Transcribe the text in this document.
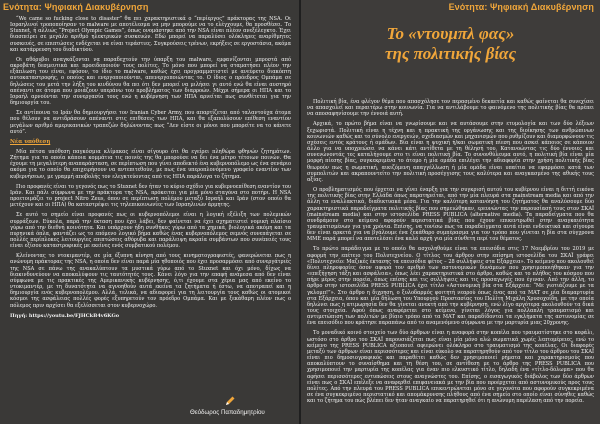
Ενότητα: Ψηφιακή Διακυβέρνηση

“We came so fucking close to disaster” θα πει χαρακτηριστικά ο “περίεργος” πράκτορας της NSA. Οι Ισραηλινοί τροποποίησαν το malware με αποτέλεσμα να μην μπορούμε να το ελέγχουμε, θα προσθέσει. Το Stuxnet, ή αλλιώς “Project Olympic Games”, όπως ονομάστηκε από την NSA είναι πλέον ανεξέλεγκτο. Έχει διασπείρει σε μεγάλο αριθμό ηλεκτρικών συσκευών. Εδώ μπορεί να παραλύσει ολόκληρες αναρίθμητες συσκευές, σε επιπτώσεις ενδέχεται να είναι τεράστιες. Συγκρούσεις τρένων, εκρήξεις σε εργοστάσια, ακόμα και κατάρρευση του διαδικτύου.

Οι αθόρυβοι αναγκάζονται να παραδεχτούν την ύπαρξη του malware, εμφανίζονται μπροστά από ακροβάτη δεσμευτικά και προειδοποιούν τους πολίτες. Το μόνο που μπορεί να σταματήσει πλέον την εξάπλωση του είναι, εφόσον, το ίδιο το malware, καθώς έχει προγραμματιστεί με ανεύρετο διακόπτη αυτοκαταστροφής, ο οποίος και ενεργοποιούνται, απενεργοποιώντας το. Ο ίδιος ο πρόεδρος Ομπάμα σε δηλώσεις του μετά την λήξη του κινδύνου θα πει ότι δεν μπορεί να μιλήσει γι αυτό ενώ θα είναι αυστηρό απέναντι σε άτομα που μοιάζουν υπεράνω του προβλήματος των διαρροών. Μέχρι σήμερα οι ΗΠΑ και το Ισραήλ αρνούνται την συνεργασία τους ενώ η κυβέρνηση των ΗΠΑ αρνείται πως συνθέτεται για την δημιουργία του.

Σε αντίποινα το Ιράν θα δημιουργήσει τον Iranian Cyber Army, που απαρτίζεται από ταλαντούχα άτομα που θέλουν να αντιδράσουν απέναντι στις επιθέσεις των ΗΠΑ, και θα εξαπολύσουν επίθεση εναντίον μεγάλων αριθμό αμερικανικών τραπεζών δηλώνοντας πως “Δεν είστε οι μόνοι που μπορείτε να το κάνετε αυτό”.

Νέα υπόθεση

Μία πέτσα υπόθεση παγκόσμια κλίμακας είναι σίγουρο ότι θα εγείρει πληθώρα φθηνών ζητημάτων. Ζήτημα για τα οποία κάποια κομμάτια τις ποινές της θα μπορούσε να δει ένα μέτρο τέτοιων ποινών. Θα έχουμε τη μεγαλύτερη αναπαράσταση, σε περίπτωση που γίνει αποδεκτό ένα κυβερνοπόλεμο ως ένα σενάριο ακόμα για το οποίο θα επιχειρήσουν να αντεπιτεθούν, με πως ένα υπεροπλονόμενο γραφείο εναντίον των κυβερνήσεων, με γραμμή αποβολής τον ελεγκτεύοντας από τις ΗΠΑ παράλογα το ζήτημα.

Πιο προφανές είναι το γεγονός πως το Stuxnet δεν ήταν το κύριο σχέδιο για κυβερνοεπίθεση εναντίον του Ιράν. Και πάλι σύμφωνα με την πράκτορα της NSA, πρόκειται για μία μόνο σταγόνα στο ποτήρι. Η NSA προετοιμάζει το project Nitro Zeus, όπου σε περίπτωση πολέμου μεταξύ Ισραήλ και Ιράν (στον οποίο θα μετέχουν και οι ΗΠΑ) θα καταστρέψει τις τηλεπικοινωνίες των Ισραηλινών άρμητης.

Σε αυτό το σημείο είναι προφανές πως οι κυβερνοπόλεμοι είναι η λογική εξέλιξη των πολεμικών συρράξεων. Εύκολα, παρά την έκταση που έχει λάβει, δεν φαίνεται να έχει σχηματιστεί νομική πλαίσιο γύρω από την διεθνή κοινότητα. Και υπάρχουν ήδη συνθήκες γύρω από τα χημικά, βιολογικά ακόμη και τα πυρηνικά όπλα, φαντάζει ως το επόμενο λογικό βήμα καθώς ένας κυβερνοπόλεμος σεμνός συνεπάγεται σε πολλές περίπλοκες λειτουργίες επιπτώσεις αθόρυβα και παράλειψη ακραία συμβάντων που συνέπειές τους είναι εξίσου καταστροφικές με εκείνες ενός συμβατικού πολέμου.

Κλείνοντας το ντοκιμαντέρ, σε μία έξυπνη κίνηση από τους κινηματογραφιστές, φανερώνεται πως η ανώνυμη πράκτορας της NSA, η οποία δεν είναι παρά μία ηθοποιός που έχει προσαρμόσει από συνεργάτριές της NSA σε πάνω της ανακαλύπτουν τα μυστικά γύρω από το Stuxnet και όχι μόνο, δίχως να διακινδυνεύουν να αποκαλύψουν τις ταυτότητές τους. Κάνει λόγο για την επαφή ανάμεσα από δεν είναι σύμφωνα με τις πρακτικές της Αμερικανικής κυβέρνησης, ό,τι έχουμε στα χέρια μας από εκείνο το ντοκιμαντέρ, με τη δυνατότητα να αγνοηθούν αυτά εκείνα τα ζητήματα ή έστω, να αποτραπεί και η δημιουργία ενός κυβερνοπολέμου. Αλλά, τελικά, να αδιαφορεί για τη λειτουργία τους καθώς οι ατομικοί κόσμοι της ασφάλειας πολλές φορές εξυπηρετούν τον πρόεδρο Ομπάμα. Και με ξεκάθαρη πλέον πως ο πόλεμος πριν αρχίσει θα εξελίσσεται στον κυβερνοχώρο.

Πηγή: https://youtu.be/FJHCkB4v6KGo
Ενότητα: Ψηφιακή Διακυβέρνηση
Το «ντουμπλ φας»
της πολιτικής βίας

Πολιτική βία, ένα φλέγον θέμα που απασχόλησε τον περασμένο δεκαετία και καθώς φαίνεται θα συνεχίσει να απασχολεί και περαιτέρω στην κοινωνία. Για να αντιλάβουμε το φαινόμενο της πολιτικής βίας θα πρέπει να αποσαφηνίσουμε την έννοιά αυτή.

Αρχικά, το πρώτο βήμα είναι να γνωρίσουμε και να αυτάσουμε στην ετυμολογία και των δύο λέξεων ξεχωριστά. Πολιτική είναι η τέχνη και η πρακτική της οργάνωσης και της διοίκησης των ανθρώπινων κοινωνιών καθώς και το σύνολο ενεργειών, σχεδιασμών και μηχανισμών που ρυθμίζουν και διαμορφώνουν τις σχέσεις εντός κράτους ή ομάδων. Βία είναι η ψυχική ή/και σωματική πίεση που ασκεί κάποιος σε κάποιον άλλο για να υποχρεώσει να κάνει κάτι αντίθετα με τη θέλησή του, Κατανοώντας τις δύο έννοιες και συνενώνοντάς τες καταλήγουμε στο τι είναι πολιτική βία. Το συνονθύλευμα αυτό, η πολιτική βία είναι μία μορφή πίεσης βίας, συγκεκριμένα το άτομο ή μία ομάδα επιλέγει την αδιαφορία στην χρήση πολιτικής βίας θεωρούν πως η σωματική, αικιζόμενη απαγγέλλωση ή μία ομάδα είναι υπαίτια να εφαρμόσει κατά των συμπολιτών και ακραπουντείτο την πολιτική προσέγγισης τους καλύτερα και αναγκασμένο της αθικής τους αξίας.

Ο προβληματισμός που έρχεται να γίνει έναρξη για την συγκρισή αυτού του κυβέρνου είναι η διττή εικόνα της πολιτικής βίας στην Ελλάδα όπως παρατηρείται, από την μία πλευρά στα mainstream media και από την άλλη τα εναλλακτικά, διαδικτυακά μέσα. Για την καλύτερη κατανόηση του ζητήματος θα αναλύσουμε δύο χαρακτηριστικά παραδείγματα πολιτικής βίας που σημειώθηκαν, ερευνώντας την παρουσίασή τους στον ΣΚΑΪ (mainstream media) και στην ιστοσελίδα PRESS PUBLICA (alternative media). Τα παραδείγματα που θα συνδράμουν στο κείμενο αφορούν περιστατικά βίας που έχουν επικεντρωθεί στην αναγκαιότητα τραυματισμένων για για χρόνια. Επίσης, να τονίσω πως τα παραδείγματα αυτά είναι ενδεικτικά και σίγουρα δεν είναι αρκετά για να βγάλουμε ένα ξεκάθαρο συμπέρασμα για τον τρόπο που γίνεται η βία στα σύγχρονα ΜΜΕ παρά μπορεί να αποτελέσει ένα καλό αρχή για μία σύνθετη περί του θέματος.

Το πρώτο παράδειγμα με το οποίο θα ασχοληθούμε είναι τα επεισόδια στις 17 Νοεμβρίου του 2019 με αφορμή την επέτειο του Πολυτεχνείου. Ο τίτλος του άρθρου στην επίσημη ιστοσελίδα του ΣΚΑΪ γράφει «Πολυτεχνείο: Μαζικές έκτασης τα επεισόδια φέτος – 28 συλλήψεις στα Εξάρχεια». Το κείμενο που ακολουθεί δίνει πληροφορίες όσον αφορά τον αριθμό των αστυνομικών δυνάμεων που χρησιμοποιήθηκαν για την «επεξήγηση τάξη και ασφάλεια», όπως λέει χαρακτηριστικά στο άρθρο, καθώς και το πλήθος του κόσμου που πήρε μέρος στην πορεία, όπως επίσης και τις συλλήψεις και τις προσαγωγές που έγιναν. Από την άλλη, το άρθρο στην ιστοσελίδα PRESS PUBLICA έχει τίτλο «Αστυνομική βία στα Εξάρχεια: “Με γιοτιάζουμε με τα γκλομπ!”». Στο άρθρο η διχρηση, ο ξυλοδαρμός φοιτητή νεαρού όπως ένας από τα ΜΑΤ σε μία διαμαρτυρία στα Εξάρχεια, όπου και μία δήλωση του Υπουργού Προστασίας του Πολίτη Μιχάλη Χρυσοχοΐδη, με την οποία δηλώνει πως η ατιμωρησία δεν θα γίνεται ανεκτή από την κυβέρνηση, ενώ λίγο αργότερα ακολουθούν τα δικά τους στοιχεία. Αφού όπως αναφέρεται στο κείμενο, γίνεται λόγος για πολλαπλή τραυματισμό και αντιμετώπιση των πολιτών με βίαιο τρόπο από τα ΜΑΤ και παραδίδονται τα εγκλήματα της αστυνομίας σε ένα επεισόδιο που κράτησε παραπάνω από το αναμενόμενο σύμφωνα με την μαρτυρία μιας 20χρονης.

Το μοναδικό κοινό στοιχείο των δύο άρθρων είναι η αναφορά στην κοπέλα που τραυματίστηκε στο κεφάλι, ωστόσο στο άρθρο του ΣΚΑΪ παρουσιάζεται πως είναι μία μόνο αλώ σωματικά χωρίς λεπτομέρειες, ενώ το κείμενο της PRESS PUBLICA αξιοποιεί αφιερώνει ολόκληρο στο τραυματισμό της κοπέλας. Οι διαφορές μεταξύ των άρθρων είναι περισσότερες και είναι εύκολο να παρατηρηθούν από τον τίτλο του άρθρου του ΣΚΑΪ είναι πιο δημοσιογραφικός και παραθέτει καθώς δεν χρησιμοποιεί ρήματα και χαρακτηρισμούς που αποκαλύπτουν το συναίσθημα και τη θέση του, σε αντίθεση με το άρθρο της PRESS PUBLICA που χρησιμοποιεί την μαρτυρία της κοπέλας για έναν πιο ελκυστικό τίτλο, δηλαδή ένα «τίτλο-δόλωμα» που θα αφήσει περισσότερες εντυπώσεις στους αναγνώστες του. Επίσης, ο εισαγωγικός διάβολος των δύο άρθρων είναι πως ο ΣΚΑΪ επέλεξε να αναφερθεί επιφανειακά με την βία που προέρχεται από αστυνομικούς προς τους πολίτες. Από την πλευρά του PRESS PUBLICA επικεντρώνεται μόνο σε γεγονότα που αφορούν συγκεκριμένα σε ένα συγκεκριμένο περιστατικό και απομάκρυνσης πλήθους από ένα σημείο στο οποίο είναι σύνηθες καθώς και το ζήτημα του πώς βλέπει δεν ήταν αναγκαίο να παρατηρηθεί ότι η ανώνυμη παρέλαση από την πορεία.

Θεόδωρος Παπαδημητρίου
